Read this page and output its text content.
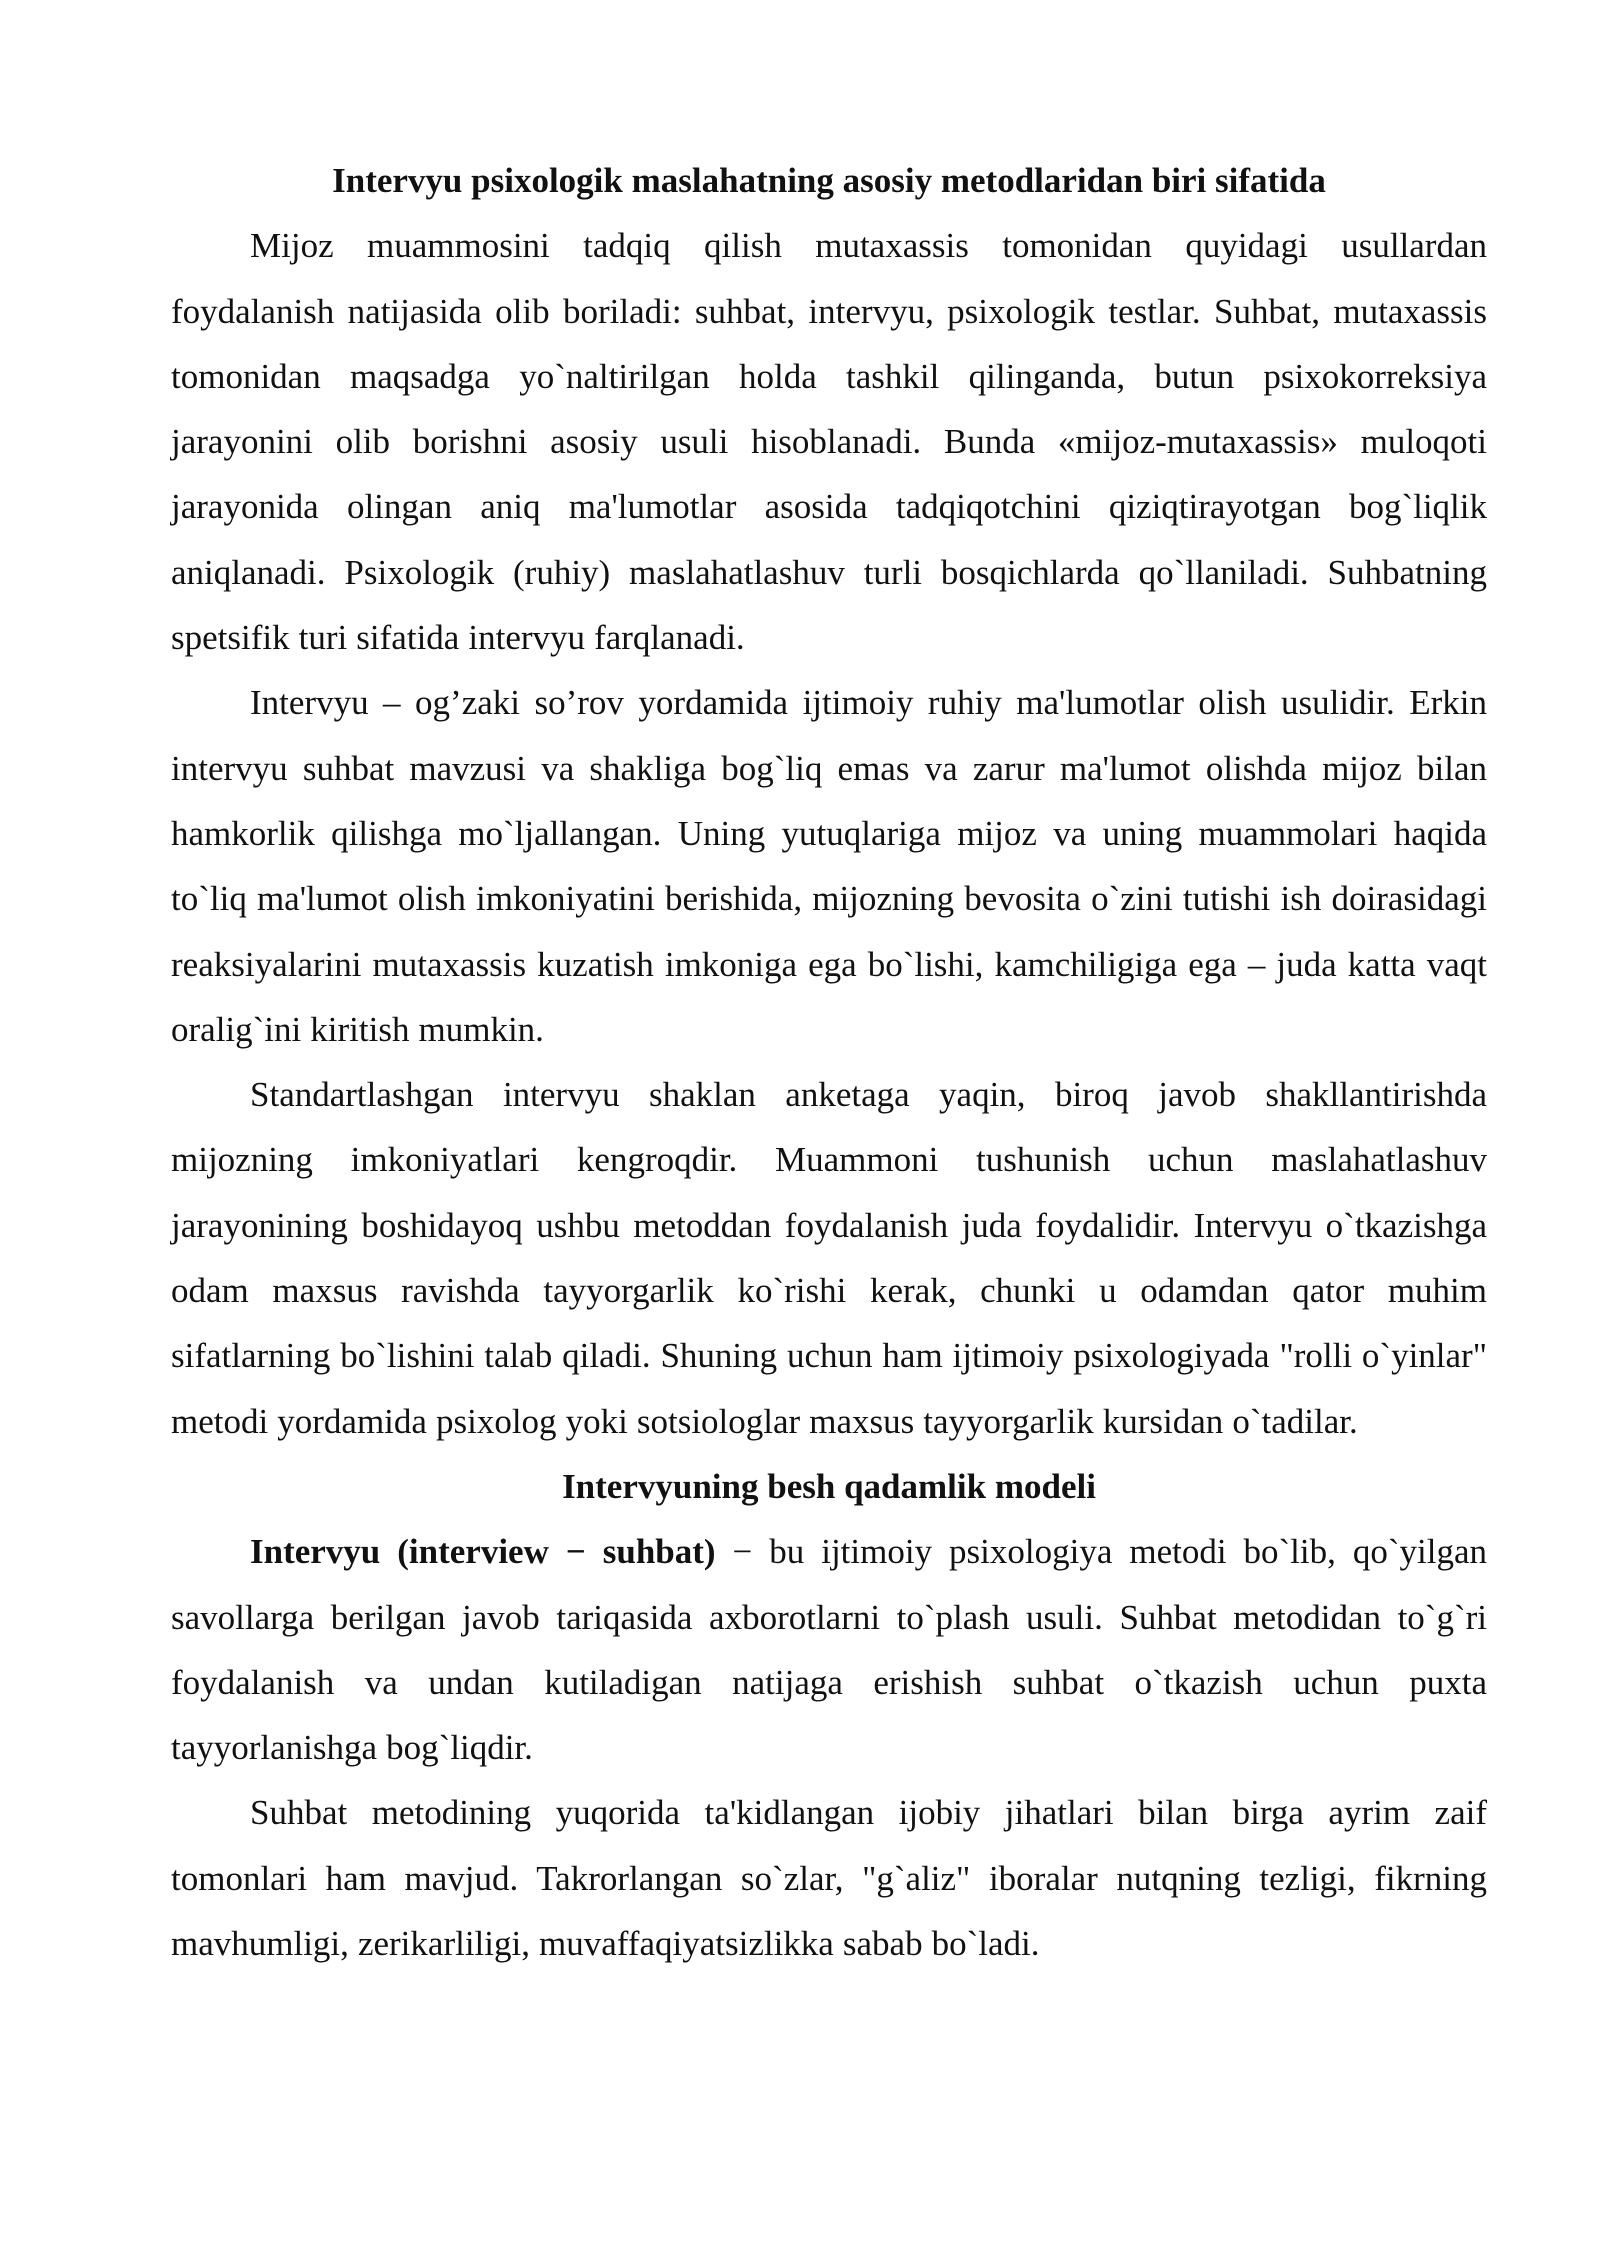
Intervyu psixologik maslahatning asosiy metodlaridan biri sifatida

Mijoz muammosini tadqiq qilish mutaxassis tomonidan quyidagi usullardan foydalanish natijasida olib boriladi: suhbat, intervyu, psixologik testlar. Suhbat, mutaxassis tomonidan maqsadga yo`naltirilgan holda tashkil qilinganda, butun psixokorreksiya jarayonini olib borishni asosiy usuli hisoblanadi. Bunda «mijoz-mutaxassis» muloqoti jarayonida olingan aniq ma'lumotlar asosida tadqiqotchini qiziqtirayotgan bog`liqlik aniqlanadi. Psixologik (ruhiy) maslahatlashuv turli bosqichlarda qo`llaniladi. Suhbatning spetsifik turi sifatida intervyu farqlanadi.

Intervyu – og’zaki so’rov yordamida ijtimoiy ruhiy ma'lumotlar olish usulidir. Erkin intervyu suhbat mavzusi va shakliga bog`liq emas va zarur ma'lumot olishda mijoz bilan hamkorlik qilishga mo`ljallangan. Uning yutuqlariga mijoz va uning muammolari haqida to`liq ma'lumot olish imkoniyatini berishida, mijozning bevosita o`zini tutishi ish doirasidagi reaksiyalarini mutaxassis kuzatish imkoniga ega bo`lishi, kamchiligiga ega – juda katta vaqt oralig`ini kiritish mumkin.

Standartlashgan intervyu shaklan anketaga yaqin, biroq javob shakllantirishda mijozning imkoniyatlari kengroqdir. Muammoni tushunish uchun maslahatlashuv jarayonining boshidayoq ushbu metoddan foydalanish juda foydalidir. Intervyu o`tkazishga odam maxsus ravishda tayyorgarlik ko`rishi kerak, chunki u odamdan qator muhim sifatlarning bo`lishini talab qiladi. Shuning uchun ham ijtimoiy psixologiyada "rolli o`yinlar" metodi yordamida psixolog yoki sotsiologlar maxsus tayyorgarlik kursidan o`tadilar.

Intervyuning besh qadamlik modeli

Intervyu (interview − suhbat) − bu ijtimoiy psixologiya metodi bo`lib, qo`yilgan savollarga berilgan javob tariqasida axborotlarni to`plash usuli. Suhbat metodidan to`g`ri foydalanish va undan kutiladigan natijaga erishish suhbat o`tkazish uchun puxta tayyorlanishga bog`liqdir.

Suhbat metodining yuqorida ta'kidlangan ijobiy jihatlari bilan birga ayrim zaif tomonlari ham mavjud. Takrorlangan so`zlar, "g`aliz" iboralar nutqning tezligi, fikrning mavhumligi, zerikarliligi, muvaffaqiyatsizlikka sabab bo`ladi.
